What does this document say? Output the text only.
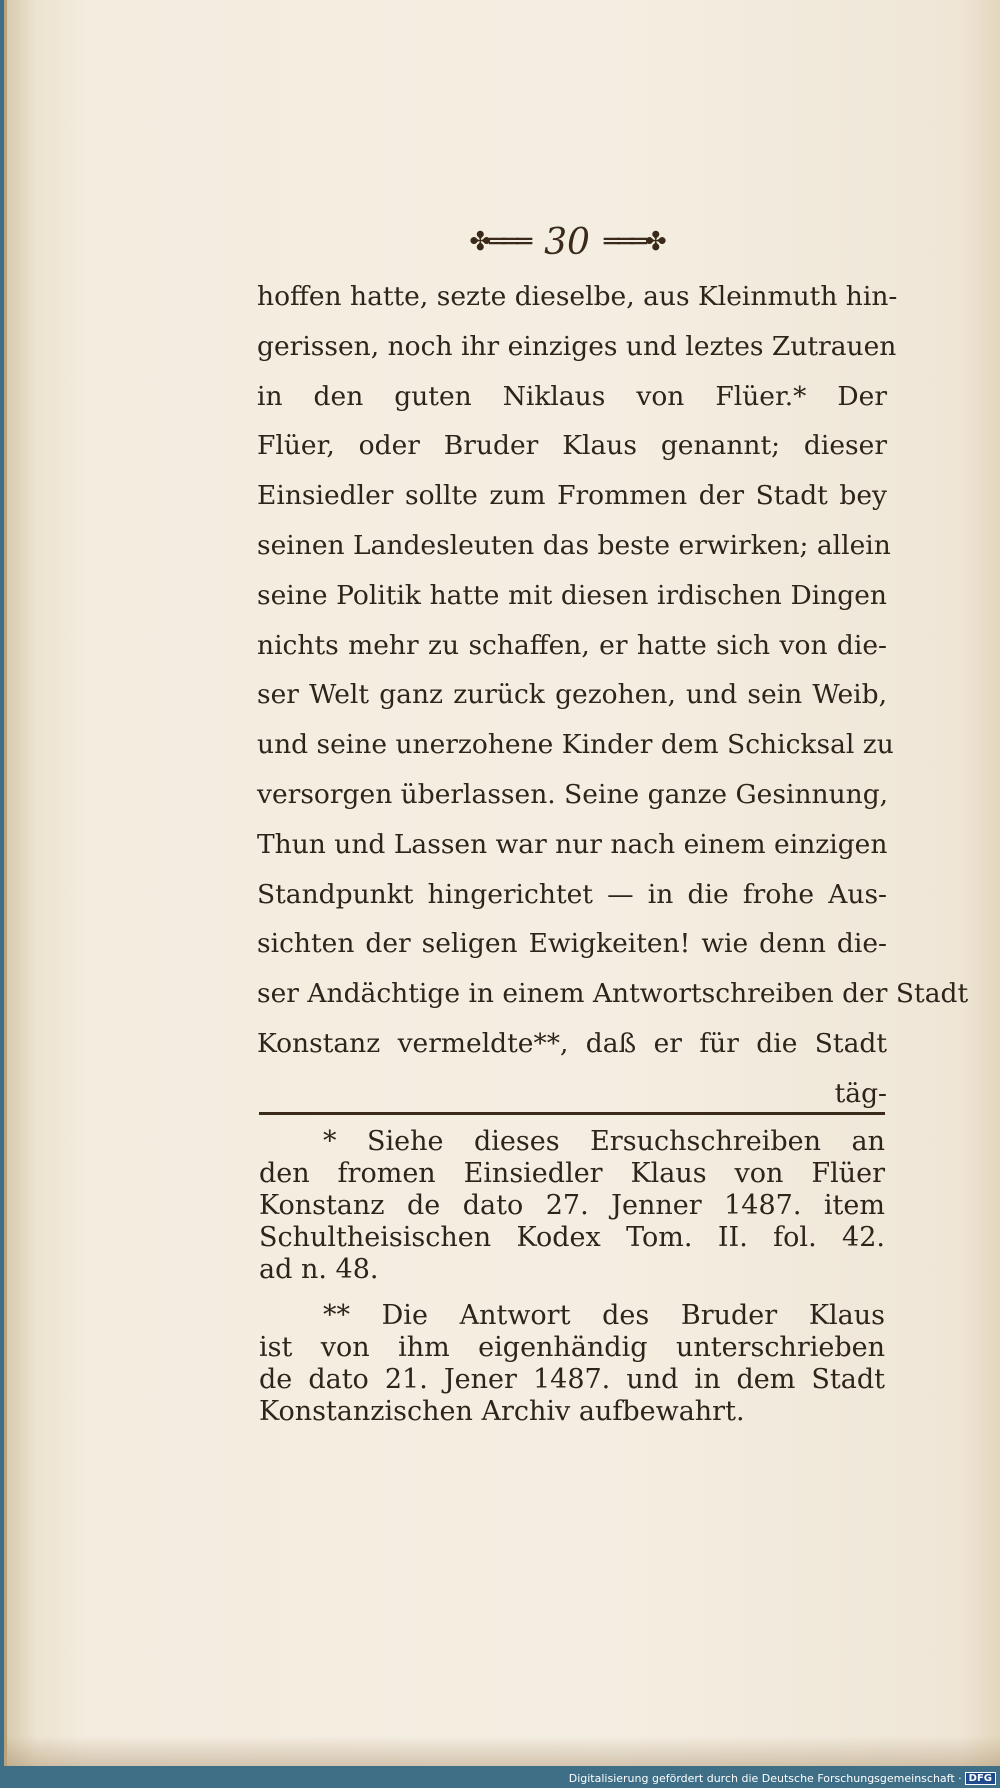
✤═══ 30 ═══✤
hoffen hatte, sezte dieselbe, aus Kleinmuth hin-
gerissen, noch ihr einziges und leztes Zutrauen
in den guten Niklaus von Flüer.* Der
Flüer, oder Bruder Klaus genannt; dieser
Einsiedler sollte zum Frommen der Stadt bey
seinen Landesleuten das beste erwirken; allein
seine Politik hatte mit diesen irdischen Dingen
nichts mehr zu schaffen, er hatte sich von die-
ser Welt ganz zurück gezohen, und sein Weib,
und seine unerzohene Kinder dem Schicksal zu
versorgen überlassen. Seine ganze Gesinnung,
Thun und Lassen war nur nach einem einzigen
Standpunkt hingerichtet — in die frohe Aus-
sichten der seligen Ewigkeiten! wie denn die-
ser Andächtige in einem Antwortschreiben der Stadt
Konstanz vermeldte**, daß er für die Stadt
täg-
* Siehe dieses Ersuchschreiben an
den fromen Einsiedler Klaus von Flüer
Konstanz de dato 27. Jenner 1487. item
Schultheisischen Kodex Tom. II. fol. 42.
ad n. 48.
** Die Antwort des Bruder Klaus
ist von ihm eigenhändig unterschrieben
de dato 21. Jener 1487. und in dem Stadt
Konstanzischen Archiv aufbewahrt.
Digitalisierung gefördert durch die Deutsche Forschungsgemeinschaft · DFG
